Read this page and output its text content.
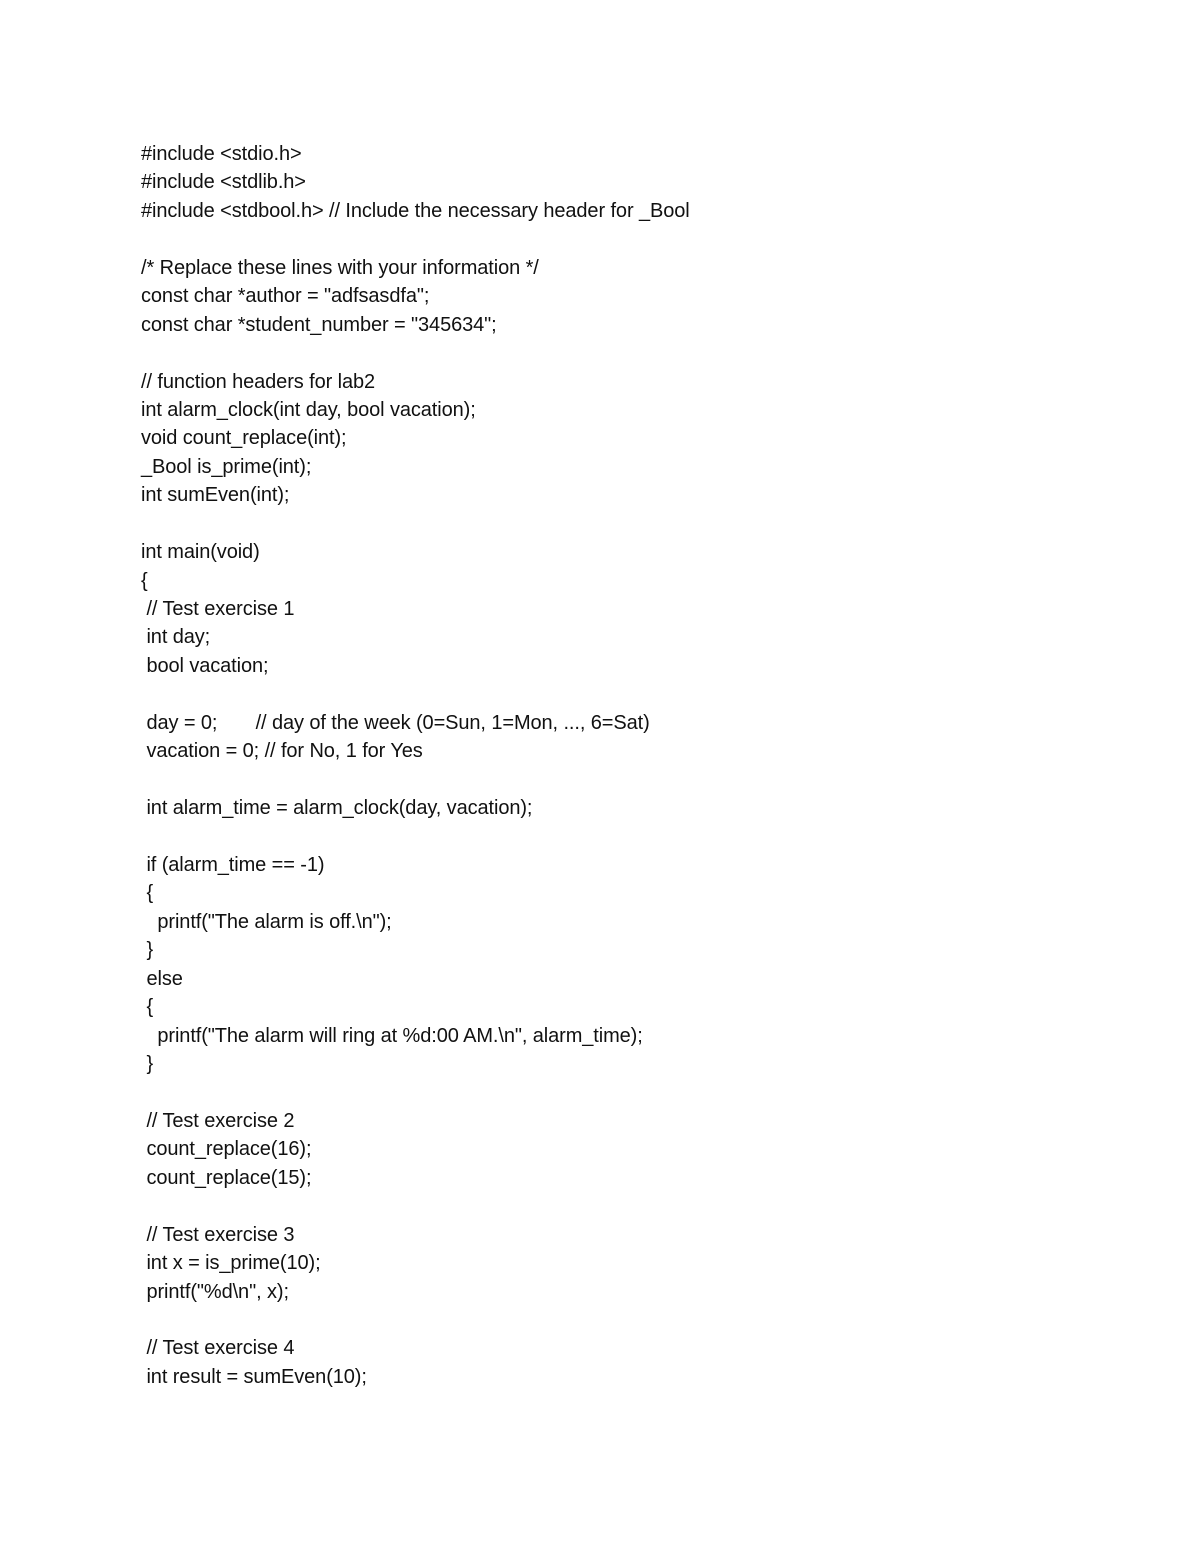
#include <stdio.h>
#include <stdlib.h>
#include <stdbool.h> // Include the necessary header for _Bool
/* Replace these lines with your information */
const char *author = "adfsasdfa";
const char *student_number = "345634";
// function headers for lab2
int alarm_clock(int day, bool vacation);
void count_replace(int);
_Bool is_prime(int);
int sumEven(int);
int main(void)
{
// Test exercise 1
int day;
bool vacation;
day = 0;       // day of the week (0=Sun, 1=Mon, ..., 6=Sat)
vacation = 0; // for No, 1 for Yes
int alarm_time = alarm_clock(day, vacation);
if (alarm_time == -1)
{
printf("The alarm is off.\n");
}
else
{
printf("The alarm will ring at %d:00 AM.\n", alarm_time);
}
// Test exercise 2
count_replace(16);
count_replace(15);
// Test exercise 3
int x = is_prime(10);
printf("%d\n", x);
// Test exercise 4
int result = sumEven(10);
